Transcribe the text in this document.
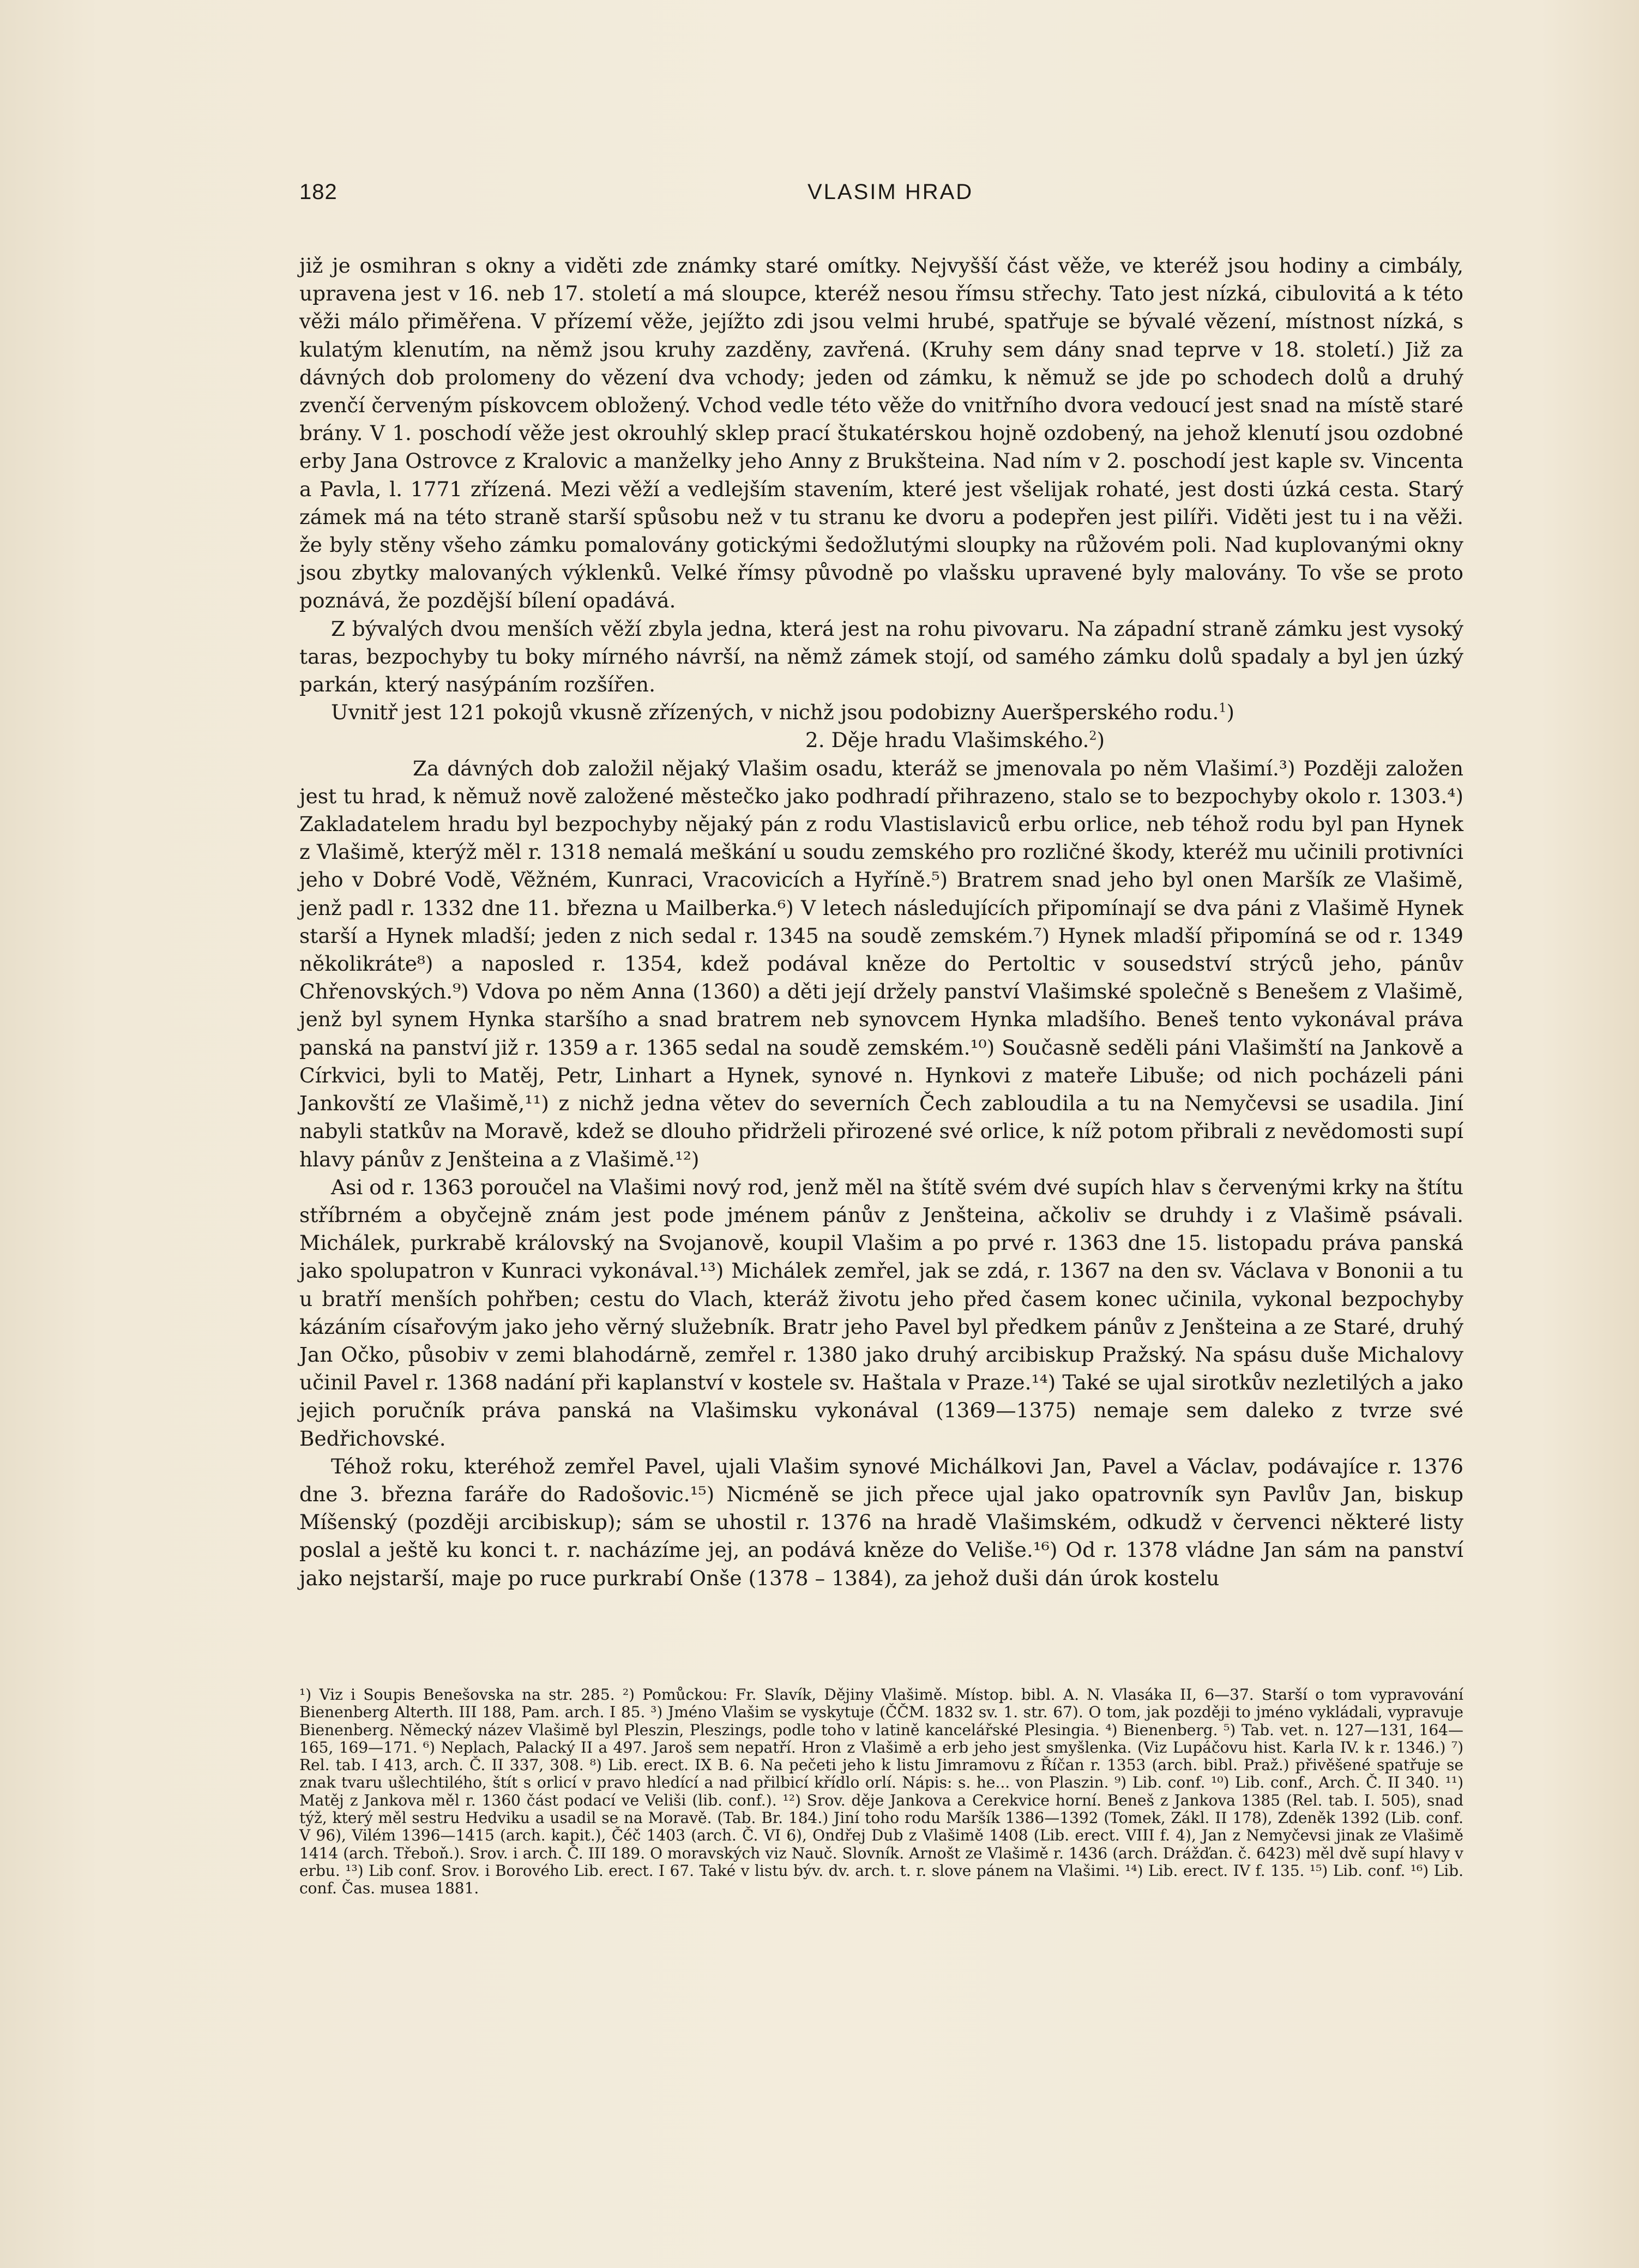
182	VLASIM HRAD

již je osmihran s okny a viděti zde známky staré omítky. Nejvyšší část věže, ve kteréž jsou hodiny a cimbály, upravena jest v 16. neb 17. století a má sloupce, kteréž nesou římsu střechy. Tato jest nízká, cibulovitá a k této věži málo přiměřena. V přízemí věže, jejížto zdi jsou velmi hrubé, spatřuje se bývalé vězení, místnost nízká, s kulatým klenutím, na němž jsou kruhy zazděny, zavřená. (Kruhy sem dány snad teprve v 18. století.) Již za dávných dob prolomeny do vězení dva vchody; jeden od zámku, k němuž se jde po schodech dolů a druhý zvenčí červeným pískovcem obložený. Vchod vedle této věže do vnitřního dvora vedoucí jest snad na místě staré brány. V 1. poschodí věže jest okrouhlý sklep prací štukatérskou hojně ozdobený, na jehož klenutí jsou ozdobné erby Jana Ostrovce z Kralovic a manželky jeho Anny z Brukšteina. Nad ním v 2. poschodí jest kaple sv. Vincenta a Pavla, l. 1771 zřízená. Mezi věží a vedlejším stavením, které jest všelijak rohaté, jest dosti úzká cesta. Starý zámek má na této straně starší spůsobu než v tu stranu ke dvoru a podepřen jest pilíři. Viděti jest tu i na věži. že byly stěny všeho zámku pomalovány gotickými šedožlutými sloupky na růžovém poli. Nad kuplovanými okny jsou zbytky malovaných výklenků. Velké římsy původně po vlašsku upravené byly malovány. To vše se proto poznává, že pozdější bílení opadává.

Z bývalých dvou menších věží zbyla jedna, která jest na rohu pivovaru. Na západní straně zámku jest vysoký taras, bezpochyby tu boky mírného návrší, na němž zámek stojí, od samého zámku dolů spadaly a byl jen úzký parkán, který nasýpáním rozšířen.

Uvnitř jest 121 pokojů vkusně zřízených, v nichž jsou podobizny Aueršperského rodu.$^1$)

2. Děje hradu Vlašimského.$^2$)

Za dávných dob založil nějaký Vlašim osadu, kteráž se jmenovala po něm Vlašimí.³) Později založen jest tu hrad, k němuž nově založené městečko jako podhradí přihrazeno, stalo se to bezpochyby okolo r. 1303.⁴) Zakladatelem hradu byl bezpochyby nějaký pán z rodu Vlastislaviců erbu orlice, neb téhož rodu byl pan Hynek z Vlašimě, kterýž měl r. 1318 nemalá meškání u soudu zemského pro rozličné škody, kteréž mu učinili protivníci jeho v Dobré Vodě, Věžném, Kunraci, Vracovicích a Hyříně.⁵) Bratrem snad jeho byl onen Maršík ze Vlašimě, jenž padl r. 1332 dne 11. března u Mailberka.⁶) V letech následujících připomínají se dva páni z Vlašimě Hynek starší a Hynek mladší; jeden z nich sedal r. 1345 na soudě zemském.⁷) Hynek mladší připomíná se od r. 1349 několikráte⁸) a naposled r. 1354, kdež podával kněze do Pertoltic v sousedství strýců jeho, pánův Chřenovských.⁹) Vdova po něm Anna (1360) a děti její držely panství Vlašimské společně s Benešem z Vlašimě, jenž byl synem Hynka staršího a snad bratrem neb synovcem Hynka mladšího. Beneš tento vykonával práva panská na panství již r. 1359 a r. 1365 sedal na soudě zemském.¹⁰) Současně seděli páni Vlašimští na Jankově a Církvici, byli to Matěj, Petr, Linhart a Hynek, synové n. Hynkovi z mateře Libuše; od nich pocházeli páni Jankovští ze Vlašimě,¹¹) z nichž jedna větev do severních Čech zabloudila a tu na Nemyčevsi se usadila. Jiní nabyli statkův na Moravě, kdež se dlouho přidrželi přirozené své orlice, k níž potom přibrali z nevědomosti supí hlavy pánův z Jenšteina a z Vlašimě.¹²)

Asi od r. 1363 poroučel na Vlašimi nový rod, jenž měl na štítě svém dvé supích hlav s červenými krky na štítu stříbrném a obyčejně znám jest pode jménem pánův z Jenšteina, ačkoliv se druhdy i z Vlašimě psávali. Michálek, purkrabě královský na Svojanově, koupil Vlašim a po prvé r. 1363 dne 15. listopadu práva panská jako spolupatron v Kunraci vykonával.¹³) Michálek zemřel, jak se zdá, r. 1367 na den sv. Václava v Bononii a tu u bratří menších pohřben; cestu do Vlach, kteráž životu jeho před časem konec učinila, vykonal bezpochyby kázáním císařovým jako jeho věrný služebník. Bratr jeho Pavel byl předkem pánův z Jenšteina a ze Staré, druhý Jan Očko, působiv v zemi blahodárně, zemřel r. 1380 jako druhý arcibiskup Pražský. Na spásu duše Michalovy učinil Pavel r. 1368 nadání při kaplanství v kostele sv. Haštala v Praze.¹⁴) Také se ujal sirotkův nezletilých a jako jejich poručník práva panská na Vlašimsku vykonával (1369—1375) nemaje sem daleko z tvrze své Bedřichovské.

Téhož roku, kteréhož zemřel Pavel, ujali Vlašim synové Michálkovi Jan, Pavel a Václav, podávajíce r. 1376 dne 3. března faráře do Radošovic.¹⁵) Nicméně se jich přece ujal jako opatrovník syn Pavlův Jan, biskup Míšenský (později arcibiskup); sám se uhostil r. 1376 na hradě Vlašimském, odkudž v červenci některé listy poslal a ještě ku konci t. r. nacházíme jej, an podává kněze do Veliše.¹⁶) Od r. 1378 vládne Jan sám na panství jako nejstarší, maje po ruce purkrabí Onše (1378 – 1384), za jehož duši dán úrok kostelu

¹) Viz i Soupis Benešovska na str. 285. ²) Pomůckou: Fr. Slavík, Dějiny Vlašimě. Místop. bibl. A. N. Vlasáka II, 6—37. Starší o tom vypravování Bienenberg Alterth. III 188, Pam. arch. I 85. ³) Jméno Vlašim se vyskytuje (ČČM. 1832 sv. 1. str. 67). O tom, jak později to jméno vykládali, vypravuje Bienenberg. Německý název Vlašimě byl Pleszin, Pleszings, podle toho v latině kancelářské Plesingia. ⁴) Bienenberg. ⁵) Tab. vet. n. 127—131, 164—165, 169—171. ⁶) Neplach, Palacký II a 497. Jaroš sem nepatří. Hron z Vlašimě a erb jeho jest smyšlenka. (Viz Lupáčovu hist. Karla IV. k r. 1346.) ⁷) Rel. tab. I 413, arch. Č. II 337, 308. ⁸) Lib. erect. IX B. 6. Na pečeti jeho k listu Jimramovu z Říčan r. 1353 (arch. bibl. Praž.) přivěšené spatřuje se znak tvaru ušlechtilého, štít s orlicí v pravo hledící a nad přilbicí křídlo orlí. Nápis: s. he... von Plaszin. ⁹) Lib. conf. ¹⁰) Lib. conf., Arch. Č. II 340. ¹¹) Matěj z Jankova měl r. 1360 část podací ve Veliši (lib. conf.). ¹²) Srov. děje Jankova a Cerekvice horní. Beneš z Jankova 1385 (Rel. tab. I. 505), snad týž, který měl sestru Hedviku a usadil se na Moravě. (Tab. Br. 184.) Jiní toho rodu Maršík 1386—1392 (Tomek, Zákl. II 178), Zdeněk 1392 (Lib. conf. V 96), Vilém 1396—1415 (arch. kapit.), Čéč 1403 (arch. Č. VI 6), Ondřej Dub z Vlašimě 1408 (Lib. erect. VIII f. 4), Jan z Nemyčevsi jinak ze Vlašimě 1414 (arch. Třeboň.). Srov. i arch. Č. III 189. O moravských viz Nauč. Slovník. Arnošt ze Vlašimě r. 1436 (arch. Drážďan. č. 6423) měl dvě supí hlavy v erbu. ¹³) Lib conf. Srov. i Borového Lib. erect. I 67. Také v listu býv. dv. arch. t. r. slove pánem na Vlašimi. ¹⁴) Lib. erect. IV f. 135. ¹⁵) Lib. conf. ¹⁶) Lib. conf. Čas. musea 1881.
